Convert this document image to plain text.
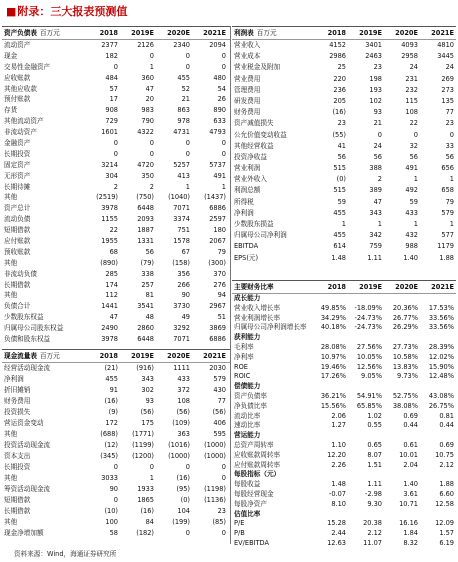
■附录：三大报表预测值
资产负债表 百万元	2018	2019E	2020E	2021E
流动资产	2377	2126	2340	2094
现金	182	0	0	0
交易性金融资产	0	1	0	0
应收账款	484	360	455	480
其他应收款	57	47	52	54
预付账款	17	20	21	26
存货	908	983	863	890
其他流动资产	729	790	978	633
非流动资产	1601	4322	4731	4793
金融资产	0	0	0	0
长期投资	0	0	0	0
固定资产	3214	4720	5257	5737
无形资产	304	350	413	491
长期待摊	2	2	1	1
其他	(2519)	(750)	(1040)	(1437)
资产总计	3978	6448	7071	6886
流动负债	1155	2093	3374	2597
短期借款	22	1887	751	180
应付账款	1955	1331	1578	2067
预收账款	68	56	67	79
其他	(890)	(79)	(158)	(300)
非流动负债	285	338	356	370
长期借款	174	257	266	276
其他	112	81	90	94
负债合计	1441	3541	3730	2967
少数股东权益	47	48	49	51
归属母公司股东权益	2490	2860	3292	3869
负债和股东权益	3978	6448	7071	6886
现金流量表 百万元	2018	2019E	2020E	2021E
经营活动现金流	(21)	(916)	1111	2030
净利润	455	343	433	579
折旧摊销	91	302	372	430
财务费用	(16)	93	108	77
投资损失	(9)	(56)	(56)	(56)
营运资金变动	172	175	(109)	406
其他	(688)	(1771)	363	595
投资活动现金流	(12)	(1199)	(1016)	(1000)
资本支出	(345)	(1200)	(1000)	(1000)
长期投资	0	0	0	0
其他	3033	1	(16)	0
筹资活动现金流	90	1933	(95)	(1198)
短期借款	0	1865	(0)	(1136)
长期借款	(10)	(16)	104	23
其他	100	84	(199)	(85)
现金净增加额	58	(182)	0	0
利润表 百万元	2018	2019E	2020E	2021E
营业收入	4152	3401	4093	4810
营业成本	2986	2463	2958	3445
营业税金及附加	25	23	24	24
营业费用	220	198	231	269
管理费用	236	193	232	273
研发费用	205	102	115	135
财务费用	(16)	93	108	77
资产减值损失	23	21	22	23
公允价值变动收益	(55)	0	0	0
其他经营收益	41	24	32	33
投资净收益	56	56	56	56
营业利润	515	388	491	656
营业外收入	(0)	2	1	1
利润总额	515	389	492	658
所得税	59	47	59	79
净利润	455	343	433	579
少数股东损益	1	1	1	1
归属母公司净利润	455	342	432	577
EBITDA	614	759	988	1179
EPS(元)	1.48	1.11	1.40	1.88
主要财务比率	2018	2019E	2020E	2021E
成长能力
营业收入增长率	49.85%	-18.09%	20.36%	17.53%
营业利润增长率	34.29%	-24.73%	26.77%	33.56%
归属母公司净利润增长率	40.18%	-24.73%	26.29%	33.56%
获利能力
毛利率	28.08%	27.56%	27.73%	28.39%
净利率	10.97%	10.05%	10.58%	12.02%
ROE	19.46%	12.56%	13.83%	15.90%
ROIC	17.26%	9.05%	9.73%	12.48%
偿债能力
资产负债率	36.21%	54.91%	52.75%	43.08%
净负债比率	15.56%	65.85%	38.08%	26.75%
流动比率	2.06	1.02	0.69	0.81
速动比率	1.27	0.55	0.44	0.44
营运能力
总资产周转率	1.10	0.65	0.61	0.69
应收账款周转率	12.20	8.07	10.01	10.75
应付账款周转率	2.26	1.51	2.04	2.12
每股指标（元）
每股收益	1.48	1.11	1.40	1.88
每股经营现金	-0.07	-2.98	3.61	6.60
每股净资产	8.10	9.30	10.71	12.58
估值比率
P/E	15.28	20.38	16.16	12.09
P/B	2.44	2.12	1.84	1.57
EV/EBITDA	12.63	11.07	8.32	6.19
资料来源：Wind，海通证券研究所
